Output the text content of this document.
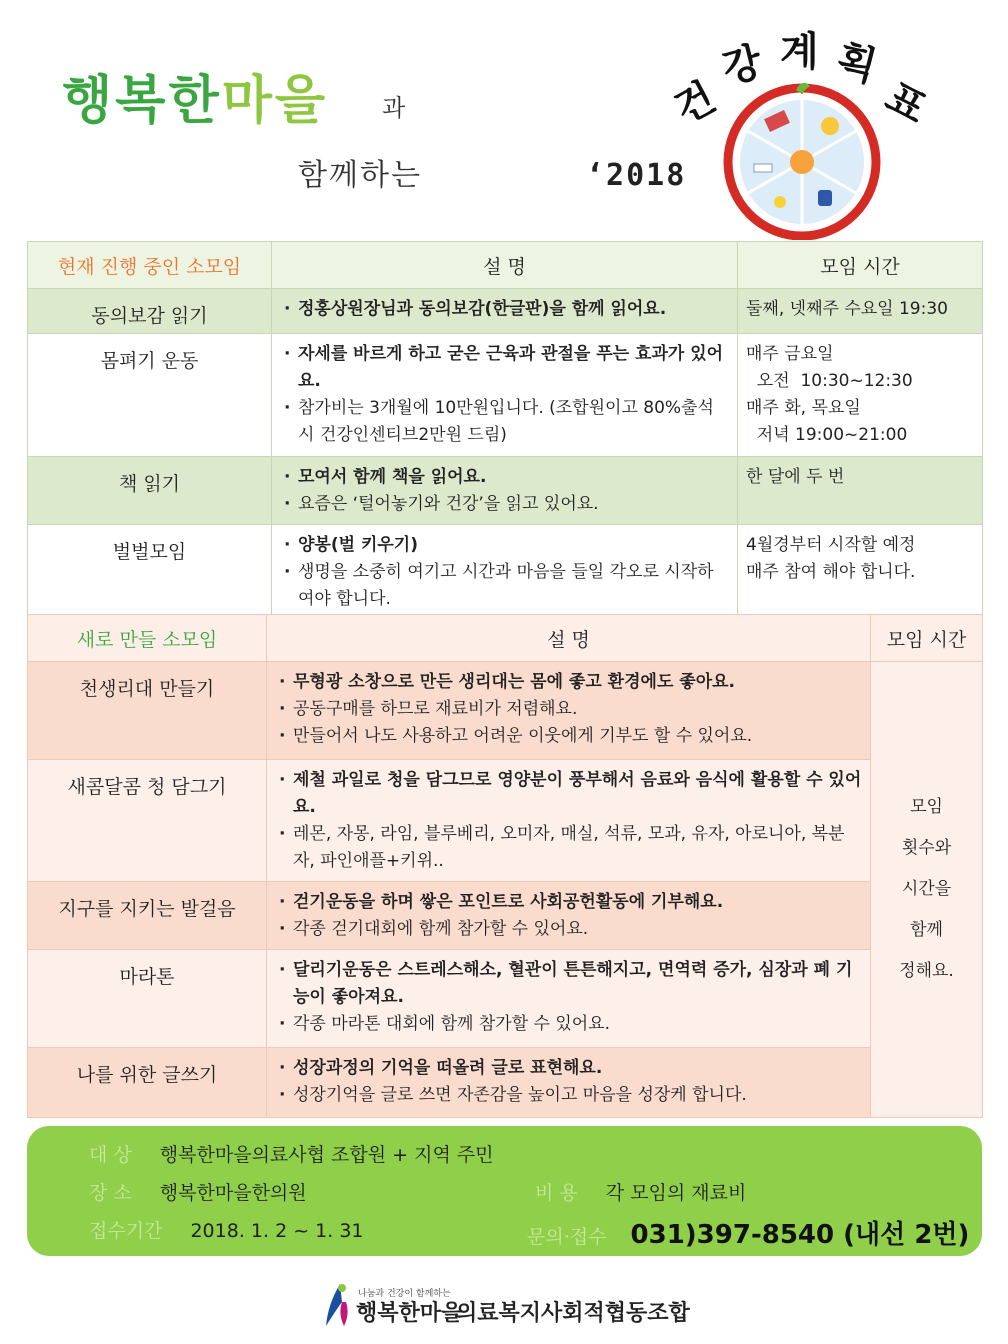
행복한마을 과
함께하는	‘2018
건
강 계 획
표
현재 진행 중인 소모임	설 명	모임 시간
동의보감 읽기	· 정홍상원장님과 동의보감(한글판)을 함께 읽어요.	둘째, 넷째주 수요일 19:30

몸펴기 운동	· 자세를 바르게 하고 굳은 근육과 관절을 푸는 효과가 있어요.
· 참가비는 3개월에 10만원입니다. (조합원이고 80%출석시 건강인센티브2만원 드림)	매주 금요일
오전  10:30~12:30
매주 화, 목요일
저녁 19:00~21:00

책 읽기	· 모여서 함께 책을 읽어요.
· 요즘은 ‘털어놓기와 건강’을 읽고 있어요.	한 달에 두 번

벌벌모임	· 양봉(벌 키우기)
· 생명을 소중히 여기고 시간과 마음을 들일 각오로 시작하여야 합니다.	4월경부터 시작할 예정
매주 참여 해야 합니다.
새로 만들 소모임	설 명	모임 시간
천생리대 만들기	· 무형광 소창으로 만든 생리대는 몸에 좋고 환경에도 좋아요.
· 공동구매를 하므로 재료비가 저렴해요.
· 만들어서 나도 사용하고 어려운 이웃에게 기부도 할 수 있어요.	모임
횟수와
시간을
함께
정해요.

새콤달콤 청 담그기	· 제철 과일로 청을 담그므로 영양분이 풍부해서 음료와 음식에 활용할 수 있어요.
· 레몬, 자몽, 라임, 블루베리, 오미자, 매실, 석류, 모과, 유자, 아로니아, 복분자, 파인애플+키위..

지구를 지키는 발걸음	· 걷기운동을 하며 쌓은 포인트로 사회공헌활동에 기부해요.
· 각종 걷기대회에 함께 참가할 수 있어요.

마라톤	· 달리기운동은 스트레스해소, 혈관이 튼튼해지고, 면역력 증가, 심장과 폐 기능이 좋아져요.
· 각종 마라톤 대회에 함께 참가할 수 있어요.

나를 위한 글쓰기	· 성장과정의 기억을 떠올려 글로 표현해요.
· 성장기억을 글로 쓰면 자존감을 높이고 마음을 성장케 합니다.
대 상 행복한마을의료사협 조합원 + 지역 주민
장 소 행복한마을한의원	비 용 각 모임의 재료비
접수기간 2018. 1. 2 ~ 1. 31	문의·접수 031)397-8540 (내선 2번)
나눔과 건강이 함께하는
행복한마을
의료복지사회적협동조합
